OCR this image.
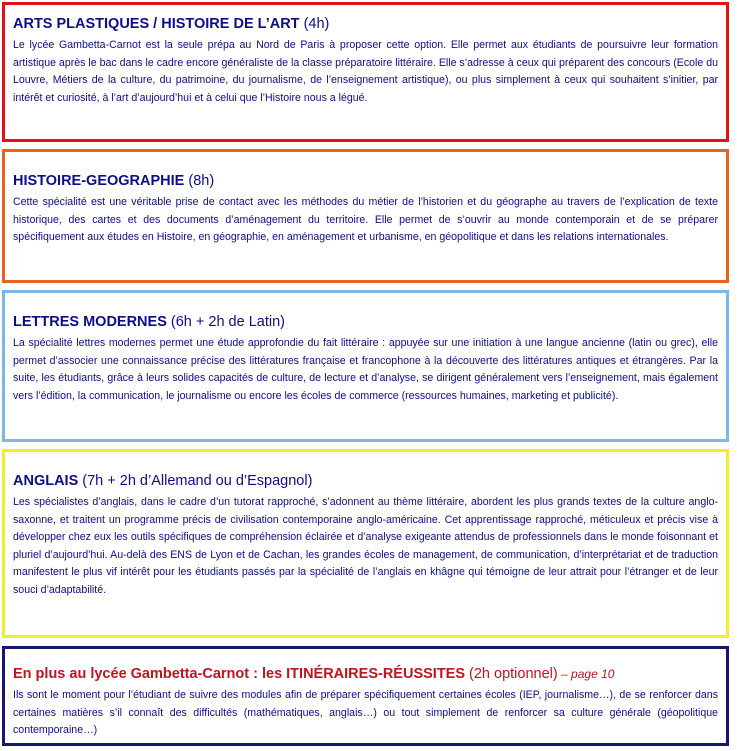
ARTS PLASTIQUES / HISTOIRE DE L’ART (4h)
Le lycée Gambetta-Carnot est la seule prépa au Nord de Paris à proposer cette option. Elle permet aux étudiants de poursuivre leur formation artistique après le bac dans le cadre encore généraliste de la classe préparatoire littéraire. Elle s’adresse à ceux qui préparent des concours (Ecole du Louvre, Métiers de la culture, du patrimoine, du journalisme, de l’enseignement artistique), ou plus simplement à ceux qui souhaitent s’initier, par intérêt et curiosité, à l’art d’aujourd’hui et à celui que l’Histoire nous a légué.
HISTOIRE-GEOGRAPHIE (8h)
Cette spécialité est une véritable prise de contact avec les méthodes du métier de l’historien et du géographe au travers de l’explication de texte historique, des cartes et des documents d’aménagement du territoire. Elle permet de s’ouvrir au monde contemporain et de se préparer spécifiquement aux études en Histoire, en géographie, en aménagement et urbanisme, en géopolitique et dans les relations internationales.
LETTRES MODERNES (6h + 2h de Latin)
La spécialité lettres modernes permet une étude approfondie du fait littéraire : appuyée sur une initiation à une langue ancienne (latin ou grec), elle permet d’associer une connaissance précise des littératures française et francophone à la découverte des littératures antiques et étrangères. Par la suite, les étudiants, grâce à leurs solides capacités de culture, de lecture et d’analyse, se dirigent généralement vers l’enseignement, mais également vers l’édition, la communication, le journalisme ou encore les écoles de commerce (ressources humaines, marketing et publicité).
ANGLAIS (7h + 2h d’Allemand ou d’Espagnol)
Les spécialistes d’anglais, dans le cadre d’un tutorat rapproché, s’adonnent au thème littéraire, abordent les plus grands textes de la culture anglo-saxonne, et traitent un programme précis de civilisation contemporaine anglo-américaine. Cet apprentissage rapproché, méticuleux et précis vise à développer chez eux les outils spécifiques de compréhension éclairée et d’analyse exigeante attendus de professionnels dans le monde foisonnant et pluriel d’aujourd’hui. Au-delà des ENS de Lyon et de Cachan, les grandes écoles de management, de communication, d’interprétariat et de traduction manifestent le plus vif intérêt pour les étudiants passés par la spécialité de l’anglais en khâgne qui témoigne de leur attrait pour l’étranger et de leur souci d’adaptabilité.
En plus au lycée Gambetta-Carnot : les ITINÉRAIRES-RÉUSSITES (2h optionnel) – page 10
Ils sont le moment pour l’étudiant de suivre des modules afin de préparer spécifiquement certaines écoles (IEP, journalisme…), de se renforcer dans certaines matières s’il connaît des difficultés (mathématiques, anglais…) ou tout simplement de renforcer sa culture générale (géopolitique contemporaine…)
